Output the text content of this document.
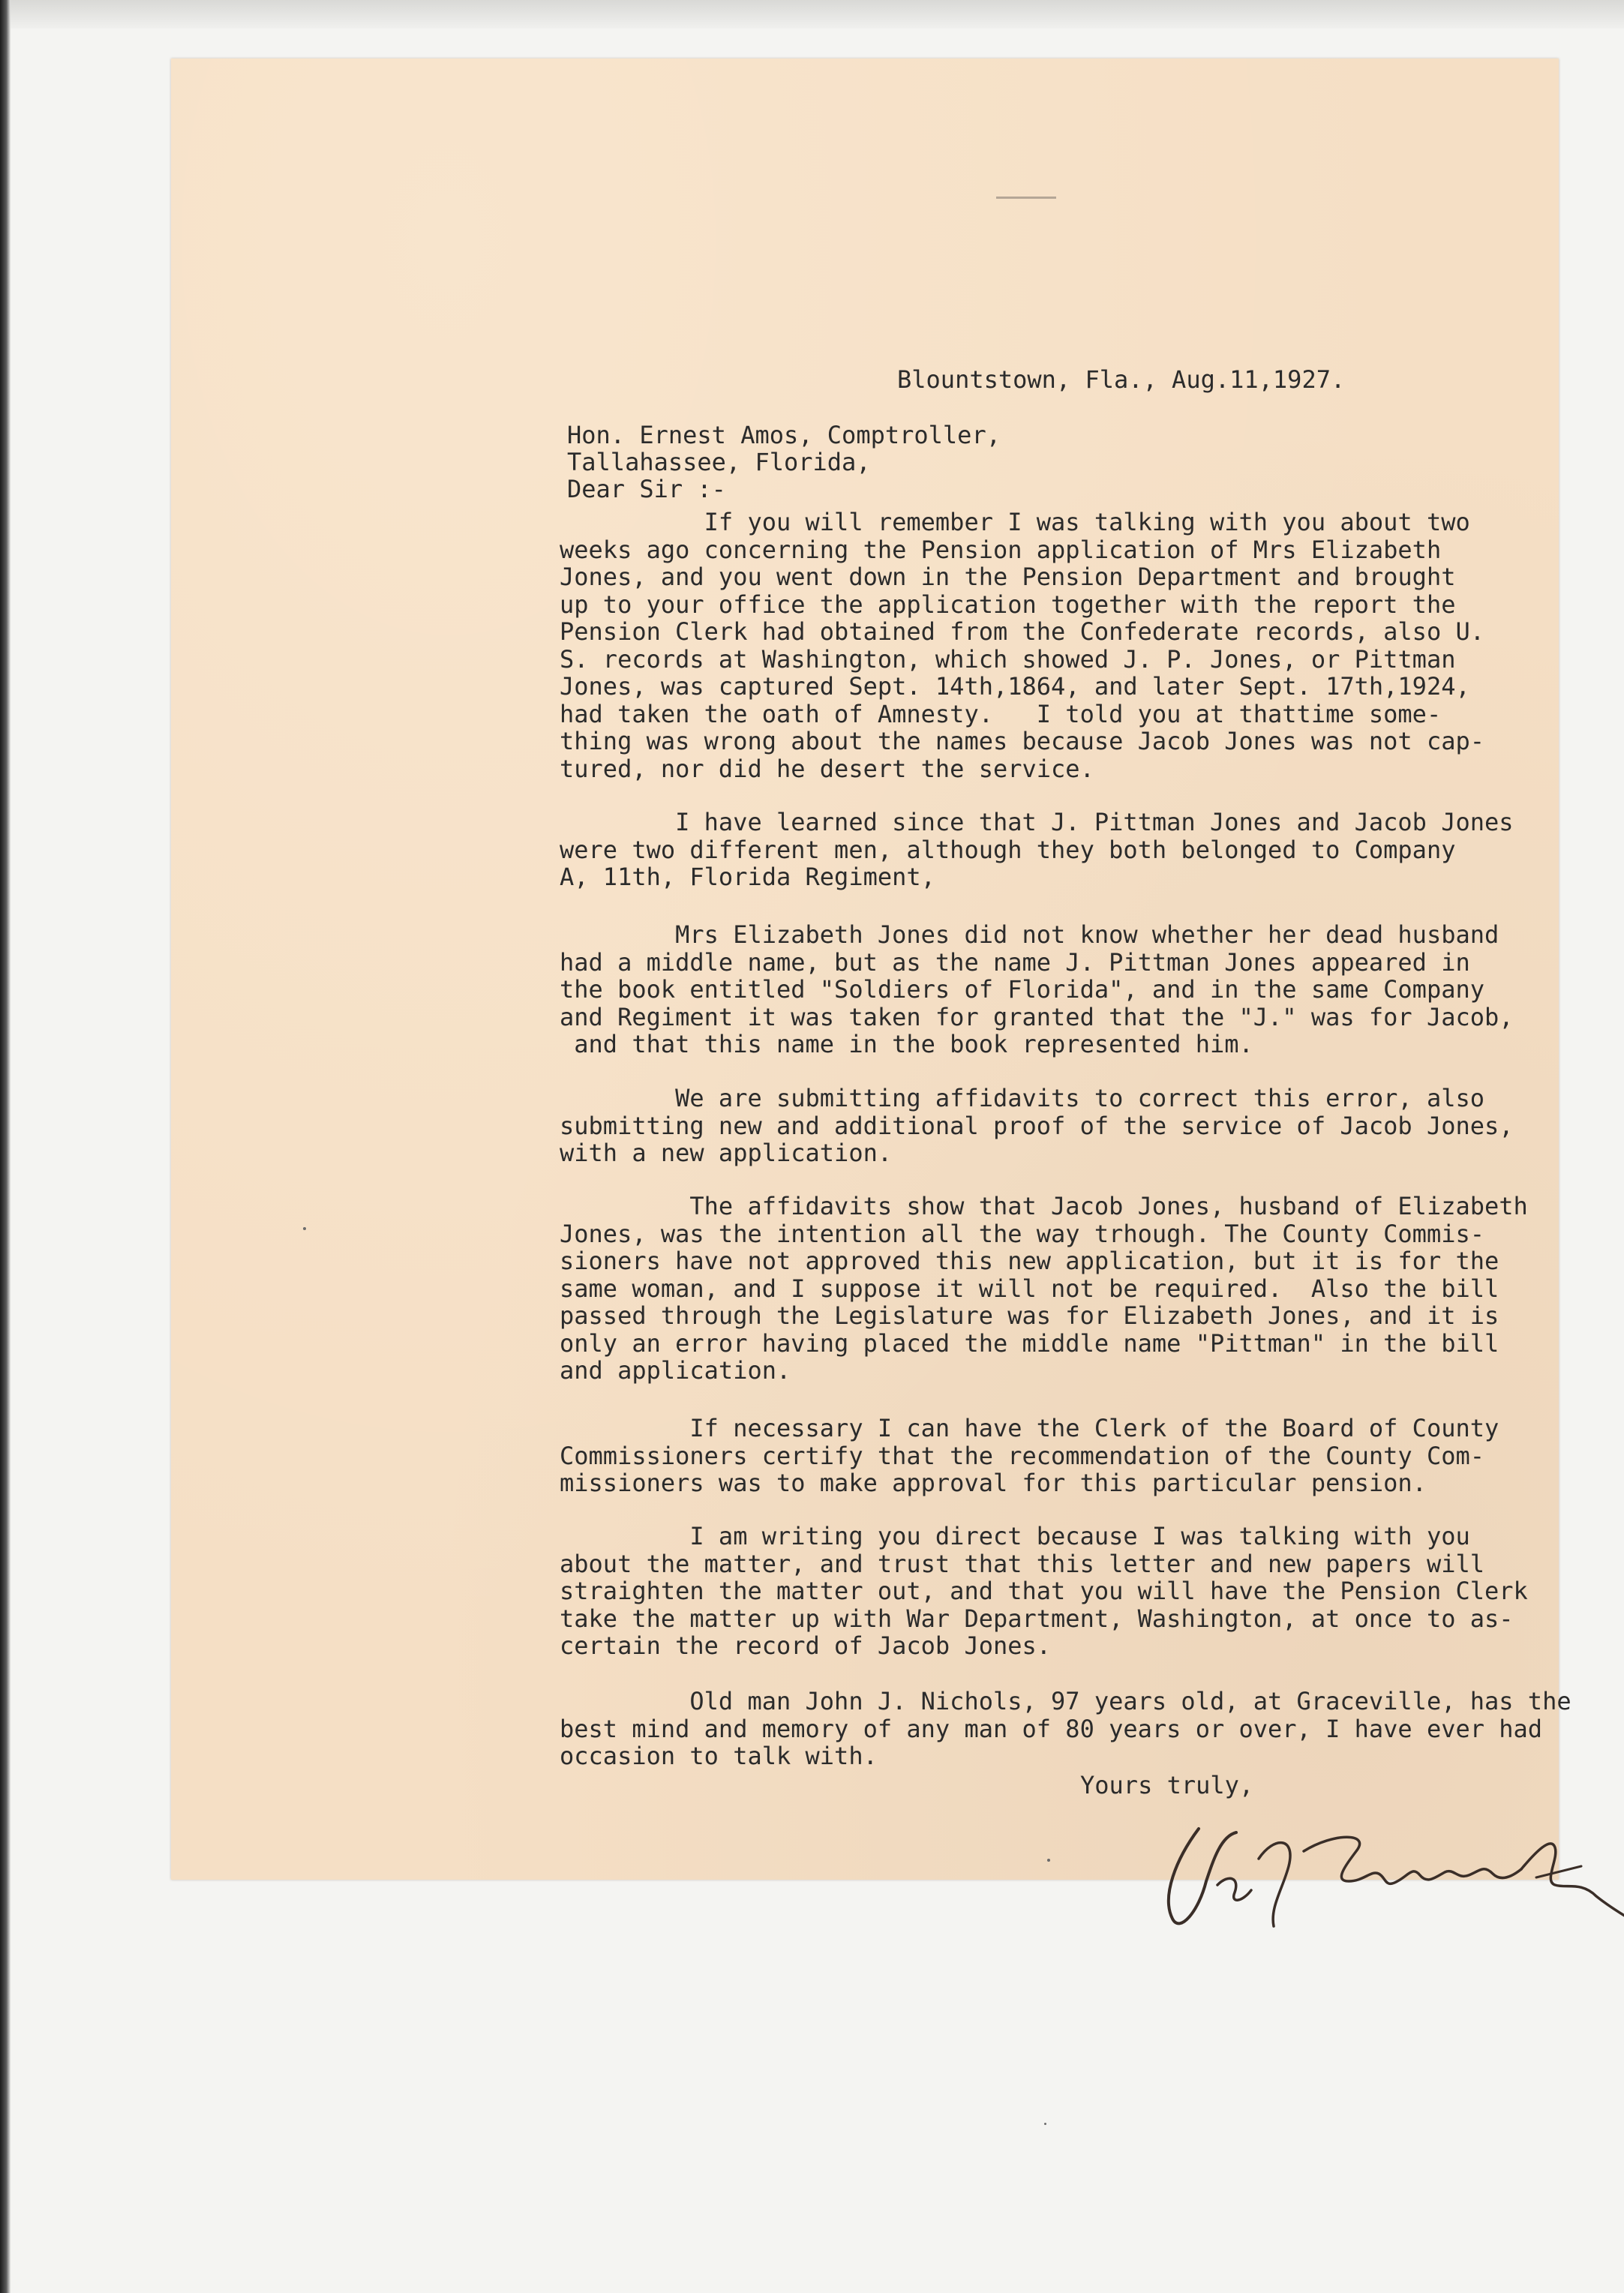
Blountstown, Fla., Aug.11,1927.
Hon. Ernest Amos, Comptroller,
Tallahassee, Florida,
Dear Sir :-
If you will remember I was talking with you about two
weeks ago concerning the Pension application of Mrs Elizabeth
Jones, and you went down in the Pension Department and brought
up to your office the application together with the report the
Pension Clerk had obtained from the Confederate records, also U.
S. records at Washington, which showed J. P. Jones, or Pittman
Jones, was captured Sept. 14th,1864, and later Sept. 17th,1924,
had taken the oath of Amnesty.   I told you at thattime some-
thing was wrong about the names because Jacob Jones was not cap-
tured, nor did he desert the service.
I have learned since that J. Pittman Jones and Jacob Jones
were two different men, although they both belonged to Company
A, 11th, Florida Regiment,
Mrs Elizabeth Jones did not know whether her dead husband
had a middle name, but as the name J. Pittman Jones appeared in
the book entitled "Soldiers of Florida", and in the same Company
and Regiment it was taken for granted that the "J." was for Jacob,
and that this name in the book represented him.
We are submitting affidavits to correct this error, also
submitting new and additional proof of the service of Jacob Jones,
with a new application.
The affidavits show that Jacob Jones, husband of Elizabeth
Jones, was the intention all the way trhough. The County Commis-
sioners have not approved this new application, but it is for the
same woman, and I suppose it will not be required.  Also the bill
passed through the Legislature was for Elizabeth Jones, and it is
only an error having placed the middle name "Pittman" in the bill
and application.
If necessary I can have the Clerk of the Board of County
Commissioners certify that the recommendation of the County Com-
missioners was to make approval for this particular pension.
I am writing you direct because I was talking with you
about the matter, and trust that this letter and new papers will
straighten the matter out, and that you will have the Pension Clerk
take the matter up with War Department, Washington, at once to as-
certain the record of Jacob Jones.
Old man John J. Nichols, 97 years old, at Graceville, has the
best mind and memory of any man of 80 years or over, I have ever had
occasion to talk with.
Yours truly,
